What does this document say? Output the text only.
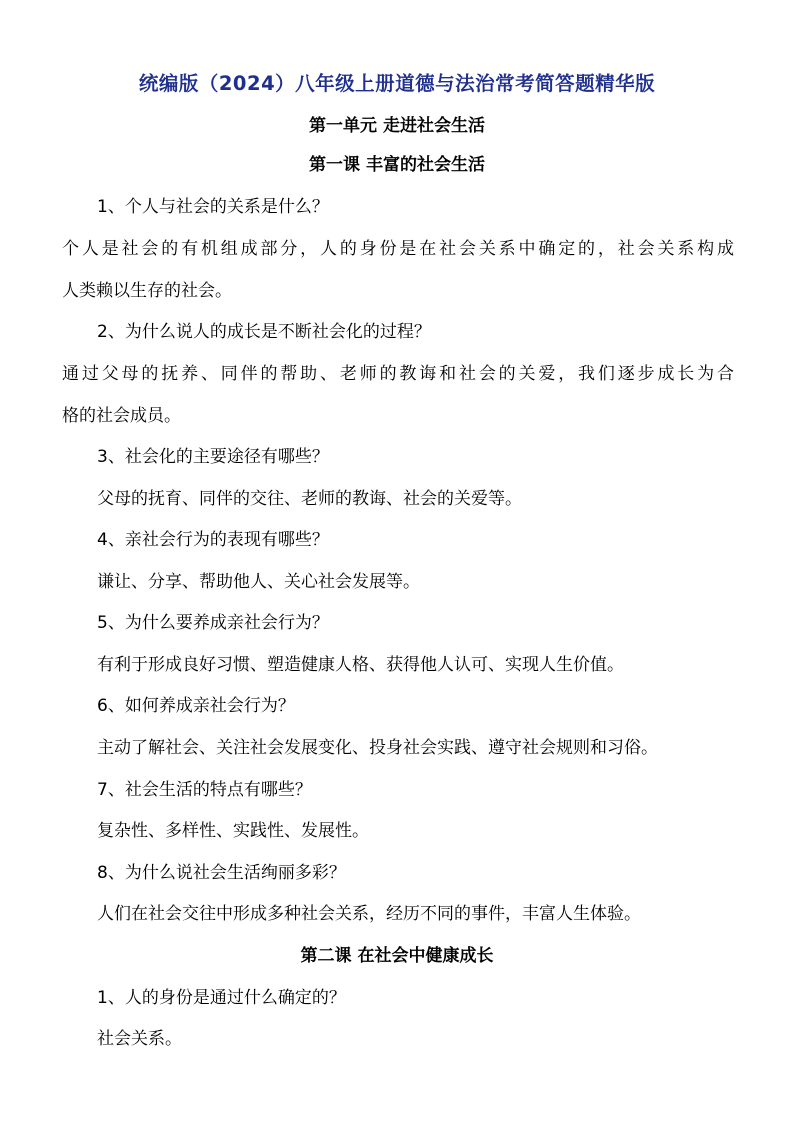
统编版（2024）八年级上册道德与法治常考简答题精华版
第一单元 走进社会生活
第一课 丰富的社会生活
1、个人与社会的关系是什么？
个人是社会的有机组成部分，人的身份是在社会关系中确定的，社会关系构成
人类赖以生存的社会。
2、为什么说人的成长是不断社会化的过程？
通过父母的抚养、同伴的帮助、老师的教诲和社会的关爱，我们逐步成长为合
格的社会成员。
3、社会化的主要途径有哪些？
父母的抚育、同伴的交往、老师的教诲、社会的关爱等。
4、亲社会行为的表现有哪些？
谦让、分享、帮助他人、关心社会发展等。
5、为什么要养成亲社会行为？
有利于形成良好习惯、塑造健康人格、获得他人认可、实现人生价值。
6、如何养成亲社会行为？
主动了解社会、关注社会发展变化、投身社会实践、遵守社会规则和习俗。
7、社会生活的特点有哪些？
复杂性、多样性、实践性、发展性。
8、为什么说社会生活绚丽多彩？
人们在社会交往中形成多种社会关系，经历不同的事件，丰富人生体验。
第二课 在社会中健康成长
1、人的身份是通过什么确定的？
社会关系。
